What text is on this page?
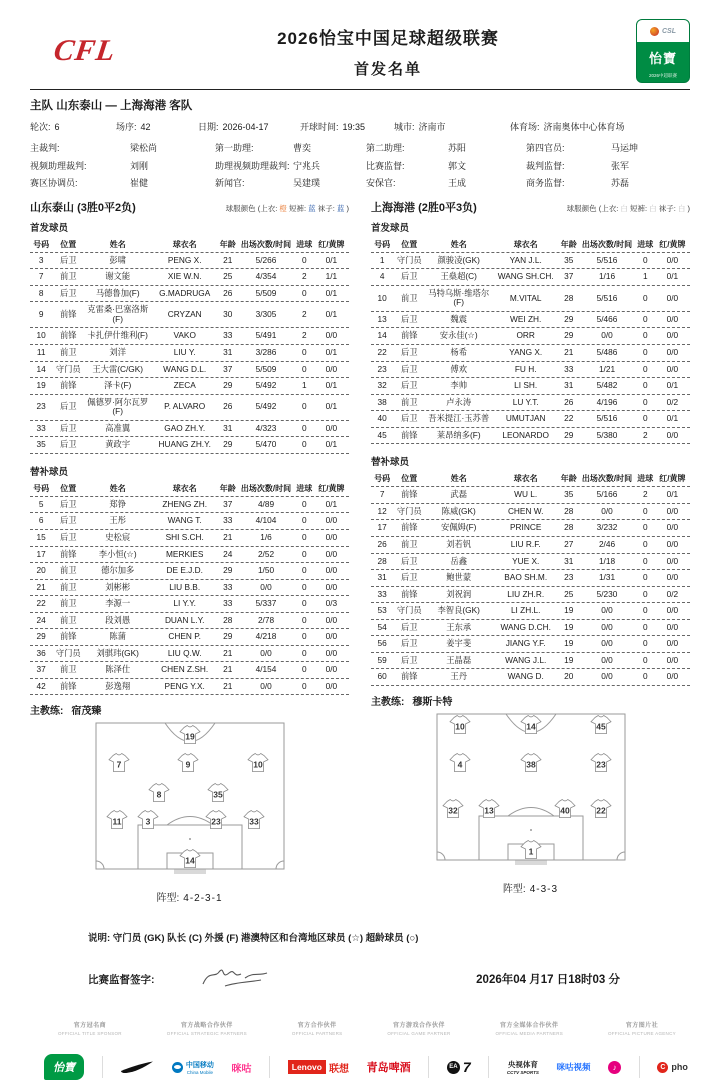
CFL	2026怡宝中国足球超级联赛
首发名单
CSL
怡寶
2026中超联赛
主队 山东泰山 — 上海海港 客队
轮次: 6	场序: 42	日期: 2026-04-17	开球时间: 19:35	城市: 济南市	体育场: 济南奥体中心体育场
主裁判:	梁松尚	第一助理:	曹奕	第二助理:	苏阳	第四官员:	马运坤
视频助理裁判:	刘刚	助理视频助理裁判: 宁兆兵	比赛监督:	郭文	裁判监督:	张军
赛区协调员:	崔健	新闻官:	吴建璞	安保官:	王成	商务监督:	苏磊
山东泰山 (3胜0平2负)	球服颜色 (上衣: 橙 短裤: 蓝 袜子: 蓝 )
首发球员
号码	位置	姓名	球衣名	年龄 出场次数/时间 进球 红/黄牌
3	后卫	彭啸	PENG X.	21	5/266	0	0/1
7	前卫	谢文能	XIE W.N.	25	4/354	2	1/1
8	后卫	马德鲁加(F)	G.MADRUGA	26	5/509	0	0/1
9	前锋	克雷桑·巴塞洛斯(F)	CRYZAN	30	3/305	2	0/1
10	前锋	卡扎伊什维利(F)	VAKO	33	5/491	2	0/0
11	前卫	刘洋	LIU Y.	31	3/286	0	0/1
14	守门员	王大雷(C/GK)	WANG D.L.	37	5/509	0	0/0
19	前锋	泽卡(F)	ZECA	29	5/492	1	0/1
23	后卫	佩德罗·阿尔瓦罗(F)	P. ALVARO	26	5/492	0	0/1
33	后卫	高准翼	GAO ZH.Y.	31	4/323	0	0/0
35	后卫	黄政宇	HUANG ZH.Y.	29	5/470	0	0/1
替补球员
号码	位置	姓名	球衣名	年龄 出场次数/时间 进球 红/黄牌
5	后卫	郑铮	ZHENG ZH.	37	4/89	0	0/1
6	后卫	王彤	WANG T.	33	4/104	0	0/0
15	后卫	史松宸	SHI S.CH.	21	1/6	0	0/0
17	前锋	李小恒(☆)	MERKIES	24	2/52	0	0/0
20	前卫	德尔加多	DE E.J.D.	29	1/50	0	0/0
21	前卫	刘彬彬	LIU B.B.	33	0/0	0	0/0
22	前卫	李源一	LI Y.Y.	33	5/337	0	0/3
24	前卫	段刘愚	DUAN L.Y.	28	2/78	0	0/0
29	前锋	陈蒲	CHEN P.	29	4/218	0	0/0
36	守门员	刘骐玮(GK)	LIU Q.W.	21	0/0	0	0/0
37	前卫	陈泽仕	CHEN Z.SH.	21	4/154	0	0/0
42	前锋	彭逸翔	PENG Y.X.	21	0/0	0	0/0
主教练: 宿茂臻
19
7	9	10
8	35
11	3	23	33
14
阵型: 4-2-3-1
上海海港 (2胜0平3负)	球服颜色 (上衣: 白 短裤: 白 袜子: 白 )
首发球员
号码	位置	姓名	球衣名	年龄 出场次数/时间 进球 红/黄牌
1	守门员	颜骏凌(GK)	YAN J.L.	35	5/516	0	0/0
4	后卫	王燊超(C)	WANG SH.CH.	37	1/16	1	0/1
10	前卫	马特乌斯·维塔尔(F)	M.VITAL	28	5/516	0	0/0
13	后卫	魏震	WEI ZH.	29	5/466	0	0/0
14	前锋	安永佳(☆)	ORR	29	0/0	0	0/0
22	后卫	杨希	YANG X.	21	5/486	0	0/0
23	后卫	傅欢	FU H.	33	1/21	0	0/0
32	后卫	李帅	LI SH.	31	5/482	0	0/1
38	前卫	卢永涛	LU Y.T.	26	4/196	0	0/2
40	后卫	吾米提江·玉苏普	UMUTJAN	22	5/516	0	0/1
45	前锋	莱昂纳多(F)	LEONARDO	29	5/380	2	0/0
替补球员
号码	位置	姓名	球衣名	年龄 出场次数/时间 进球 红/黄牌
7	前锋	武磊	WU L.	35	5/166	2	0/1
12	守门员	陈威(GK)	CHEN W.	28	0/0	0	0/0
17	前锋	安佩姆(F)	PRINCE	28	3/232	0	0/0
26	前卫	刘若钒	LIU R.F.	27	2/46	0	0/0
28	后卫	岳鑫	YUE X.	31	1/18	0	0/0
31	后卫	鲍世蒙	BAO SH.M.	23	1/31	0	0/0
33	前锋	刘祝润	LIU ZH.R.	25	5/230	0	0/2
53	守门员	李智良(GK)	LI ZH.L.	19	0/0	0	0/0
54	后卫	王东承	WANG D.CH.	19	0/0	0	0/0
56	后卫	姜宇斐	JIANG Y.F.	19	0/0	0	0/0
59	后卫	王晶磊	WANG J.L.	19	0/0	0	0/0
60	前锋	王丹	WANG D.	20	0/0	0	0/0
主教练: 穆斯卡特
10	14	45
4	38	23
32	13	40	22
1
阵型: 4-3-3
说明: 守门员 (GK) 队长 (C) 外援 (F) 港澳特区和台湾地区球员 (☆) 超龄球员 (○)
比赛监督签字:	2026年04 月17 日18时03 分
官方冠名商
OFFICIAL TITLE SPONSOR
官方战略合作伙伴
OFFICIAL STRATEGIC PARTNERS
官方合作伙伴
OFFICIAL PARTNERS
官方游戏合作伙伴
OFFICIAL GAME PARTNER
官方全媒体合作伙伴
OFFICIAL MEDIA PARTNERS
官方图片社
OFFICIAL PICTURE AGENCY
怡寶	中国移动
China Mobile 咪咕	Lenovo 联想 青岛啤酒	EA 7	央视体育
CCTV SPORTS
咪咕视频	♪	C pho
